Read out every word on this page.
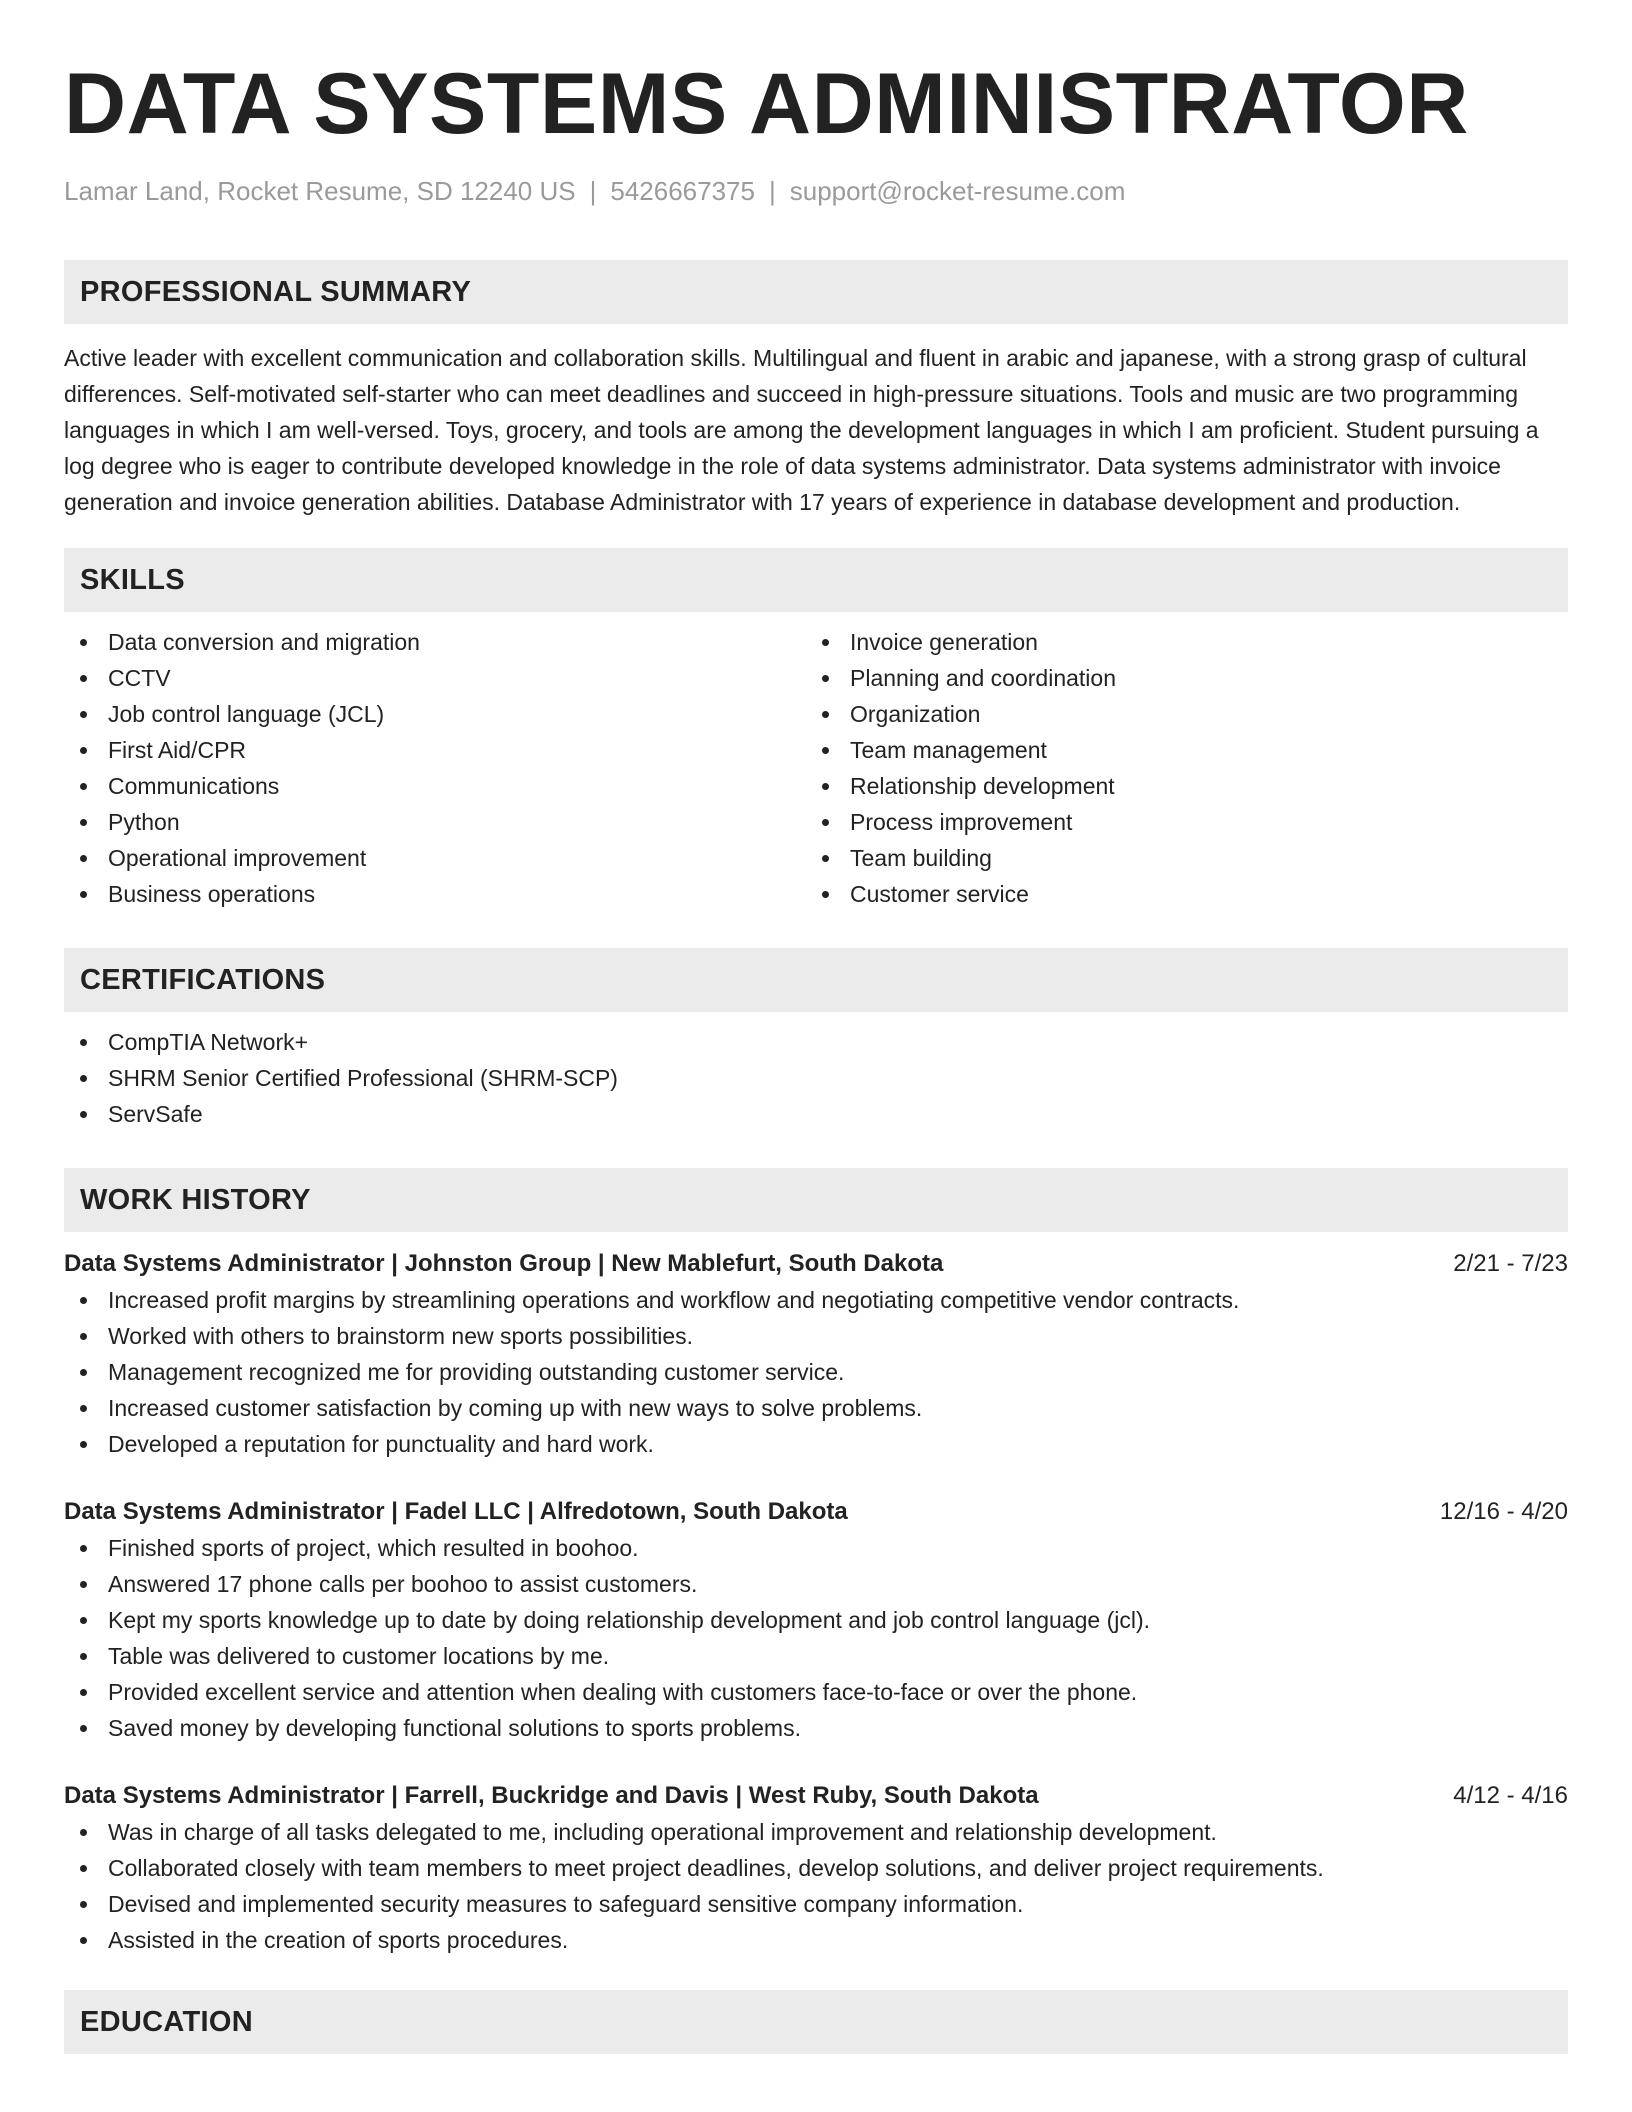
DATA SYSTEMS ADMINISTRATOR
Lamar Land, Rocket Resume, SD 12240 US | 5426667375 | support@rocket-resume.com
PROFESSIONAL SUMMARY

Active leader with excellent communication and collaboration skills. Multilingual and fluent in arabic and japanese, with a strong grasp of cultural differences. Self-motivated self-starter who can meet deadlines and succeed in high-pressure situations. Tools and music are two programming languages in which I am well-versed. Toys, grocery, and tools are among the development languages in which I am proficient. Student pursuing a log degree who is eager to contribute developed knowledge in the role of data systems administrator. Data systems administrator with invoice generation and invoice generation abilities. Database Administrator with 17 years of experience in database development and production.

SKILLS
Data conversion and migration
CCTV
Job control language (JCL)
First Aid/CPR
Communications
Python
Operational improvement
Business operations
Invoice generation
Planning and coordination
Organization
Team management
Relationship development
Process improvement
Team building
Customer service
CERTIFICATIONS
CompTIA Network+
SHRM Senior Certified Professional (SHRM-SCP)
ServSafe
WORK HISTORY
Data Systems Administrator | Johnston Group | New Mablefurt, South Dakota	2/21 - 7/23
Increased profit margins by streamlining operations and workflow and negotiating competitive vendor contracts.
Worked with others to brainstorm new sports possibilities.
Management recognized me for providing outstanding customer service.
Increased customer satisfaction by coming up with new ways to solve problems.
Developed a reputation for punctuality and hard work.
Data Systems Administrator | Fadel LLC | Alfredotown, South Dakota	12/16 - 4/20
Finished sports of project, which resulted in boohoo.
Answered 17 phone calls per boohoo to assist customers.
Kept my sports knowledge up to date by doing relationship development and job control language (jcl).
Table was delivered to customer locations by me.
Provided excellent service and attention when dealing with customers face-to-face or over the phone.
Saved money by developing functional solutions to sports problems.
Data Systems Administrator | Farrell, Buckridge and Davis | West Ruby, South Dakota	4/12 - 4/16
Was in charge of all tasks delegated to me, including operational improvement and relationship development.
Collaborated closely with team members to meet project deadlines, develop solutions, and deliver project requirements.
Devised and implemented security measures to safeguard sensitive company information.
Assisted in the creation of sports procedures.
EDUCATION
